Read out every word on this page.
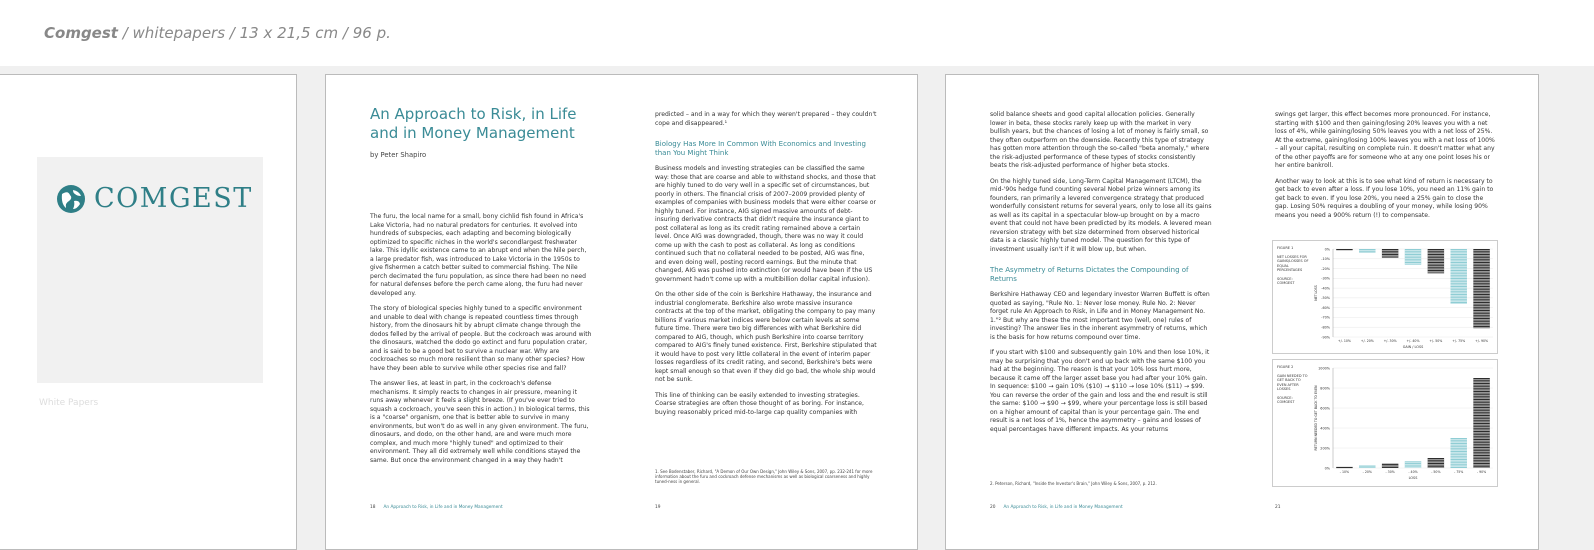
Comgest / whitepapers / 13 x 21,5 cm / 96 p.
COMGEST
White Papers
An Approach to Risk, in Life
and in Money Management
by Peter Shapiro

The furu, the local name for a small, bony cichlid fish found in Africa's Lake Victoria, had no natural predators for centuries. It evolved into hundreds of subspecies, each adapting and becoming biologically optimized to specific niches in the world's secondlargest freshwater lake. This idyllic existence came to an abrupt end when the Nile perch, a large predator fish, was introduced to Lake Victoria in the 1950s to give fishermen a catch better suited to commercial fishing. The Nile perch decimated the furu population, as since there had been no need for natural defenses before the perch came along, the furu had never developed any.

The story of biological species highly tuned to a specific environment and unable to deal with change is repeated countless times through history, from the dinosaurs hit by abrupt climate change through the dodos felled by the arrival of people. But the cockroach was around with the dinosaurs, watched the dodo go extinct and furu population crater, and is said to be a good bet to survive a nuclear war. Why are cockroaches so much more resilient than so many other species? How have they been able to survive while other species rise and fall?

The answer lies, at least in part, in the cockroach's defense mechanisms. It simply reacts to changes in air pressure, meaning it runs away whenever it feels a slight breeze. (If you've ever tried to squash a cockroach, you've seen this in action.) In biological terms, this is a "coarse" organism, one that is better able to survive in many environments, but won't do as well in any given environment. The furu, dinosaurs, and dodo, on the other hand, are and were much more complex, and much more "highly tuned" and optimized to their environment. They all did extremely well while conditions stayed the same. But once the environment changed in a way they hadn't

18 An Approach to Risk, in Life and in Money Management

predicted – and in a way for which they weren't prepared – they couldn't cope and disappeared.¹

Biology Has More In Common With Economics and Investing than You Might Think

Business models and investing strategies can be classified the same way: those that are coarse and able to withstand shocks, and those that are highly tuned to do very well in a specific set of circumstances, but poorly in others. The financial crisis of 2007–2009 provided plenty of examples of companies with business models that were either coarse or highly tuned. For instance, AIG signed massive amounts of debt-insuring derivative contracts that didn't require the insurance giant to post collateral as long as its credit rating remained above a certain level. Once AIG was downgraded, though, there was no way it could come up with the cash to post as collateral. As long as conditions continued such that no collateral needed to be posted, AIG was fine, and even doing well, posting record earnings. But the minute that changed, AIG was pushed into extinction (or would have been if the US government hadn't come up with a multibillion dollar capital infusion).

On the other side of the coin is Berkshire Hathaway, the insurance and industrial conglomerate. Berkshire also wrote massive insurance contracts at the top of the market, obligating the company to pay many billions if various market indices were below certain levels at some future time. There were two big differences with what Berkshire did compared to AIG, though, which push Berkshire into coarse territory compared to AIG's finely tuned existence. First, Berkshire stipulated that it would have to post very little collateral in the event of interim paper losses regardless of its credit rating, and second, Berkshire's bets were kept small enough so that even if they did go bad, the whole ship would not be sunk.

This line of thinking can be easily extended to investing strategies. Coarse strategies are often those thought of as boring. For instance, buying reasonably priced mid-to-large cap quality companies with

1. See Bodenstaber, Richard, "A Demon of Our Own Design," John Wiley & Sons, 2007, pp. 232-241 for more information about the furu and cockroach defense mechanisms as well as biological coarseness and highly tuned-ness in general.
19

solid balance sheets and good capital allocation policies. Generally lower in beta, these stocks rarely keep up with the market in very bullish years, but the chances of losing a lot of money is fairly small, so they often outperform on the downside. Recently this type of strategy has gotten more attention through the so-called "beta anomaly," where the risk-adjusted performance of these types of stocks consistently beats the risk-adjusted performance of higher beta stocks.

On the highly tuned side, Long-Term Capital Management (LTCM), the mid-'90s hedge fund counting several Nobel prize winners among its founders, ran primarily a levered convergence strategy that produced wonderfully consistent returns for several years, only to lose all its gains as well as its capital in a spectacular blow-up brought on by a macro event that could not have been predicted by its models. A levered mean reversion strategy with bet size determined from observed historical data is a classic highly tuned model. The question for this type of investment usually isn't if it will blow up, but when.

The Asymmetry of Returns Dictates the Compounding of Returns

Berkshire Hathaway CEO and legendary investor Warren Buffett is often quoted as saying, "Rule No. 1: Never lose money. Rule No. 2: Never forget rule An Approach to Risk, in Life and in Money Management No. 1."² But why are these the most important two (well, one) rules of investing? The answer lies in the inherent asymmetry of returns, which is the basis for how returns compound over time.

If you start with $100 and subsequently gain 10% and then lose 10%, it may be surprising that you don't end up back with the same $100 you had at the beginning. The reason is that your 10% loss hurt more, because it came off the larger asset base you had after your 10% gain. In sequence: $100 → gain 10% ($10) → $110 → lose 10% ($11) → $99. You can reverse the order of the gain and loss and the end result is still the same: $100 → $90 → $99, where your percentage loss is still based on a higher amount of capital than is your percentage gain. The end result is a net loss of 1%, hence the asymmetry – gains and losses of equal percentages have different impacts. As your returns

2. Peterson, Richard, "Inside the Investor's Brain," John Wiley & Sons, 2007, p. 212.
20 An Approach to Risk, in Life and in Money Management

swings get larger, this effect becomes more pronounced. For instance, starting with $100 and then gaining/losing 20% leaves you with a net loss of 4%, while gaining/losing 50% leaves you with a net loss of 25%. At the extreme, gaining/losing 100% leaves you with a net loss of 100% – all your capital, resulting on complete ruin. It doesn't matter what any of the other payoffs are for someone who at any one point loses his or her entire bankroll.

Another way to look at this is to see what kind of return is necessary to get back to even after a loss. If you lose 10%, you need an 11% gain to get back to even. If you lose 20%, you need a 25% gain to close the gap. Losing 50% requires a doubling of your money, while losing 90% means you need a 900% return (!) to compensate.

FIGURE 1
NET LOSSES FOR GAINS/LOSSES OF EQUAL PERCENTAGES
SOURCE: COMGEST
0%
-10%
-20%
-30%
-40%
-50%
-60%
-70%
-80%
-90%
+/- 10%	+/- 20%	+/- 30%	+/- 40%	+/- 50%	+/- 75%	+/- 90%
GAIN / LOSS
NET LOSS
FIGURE 2
GAIN NEEDED TO GET BACK TO EVEN AFTER LOSSES
SOURCE: COMGEST
1000%
800%
600%
400%
200%
0%
- 10%	- 20%	- 30%	- 40%	- 50%	- 75%	- 90%
LOSS
RETURN NEEDED TO GET BACK TO EVEN
21
